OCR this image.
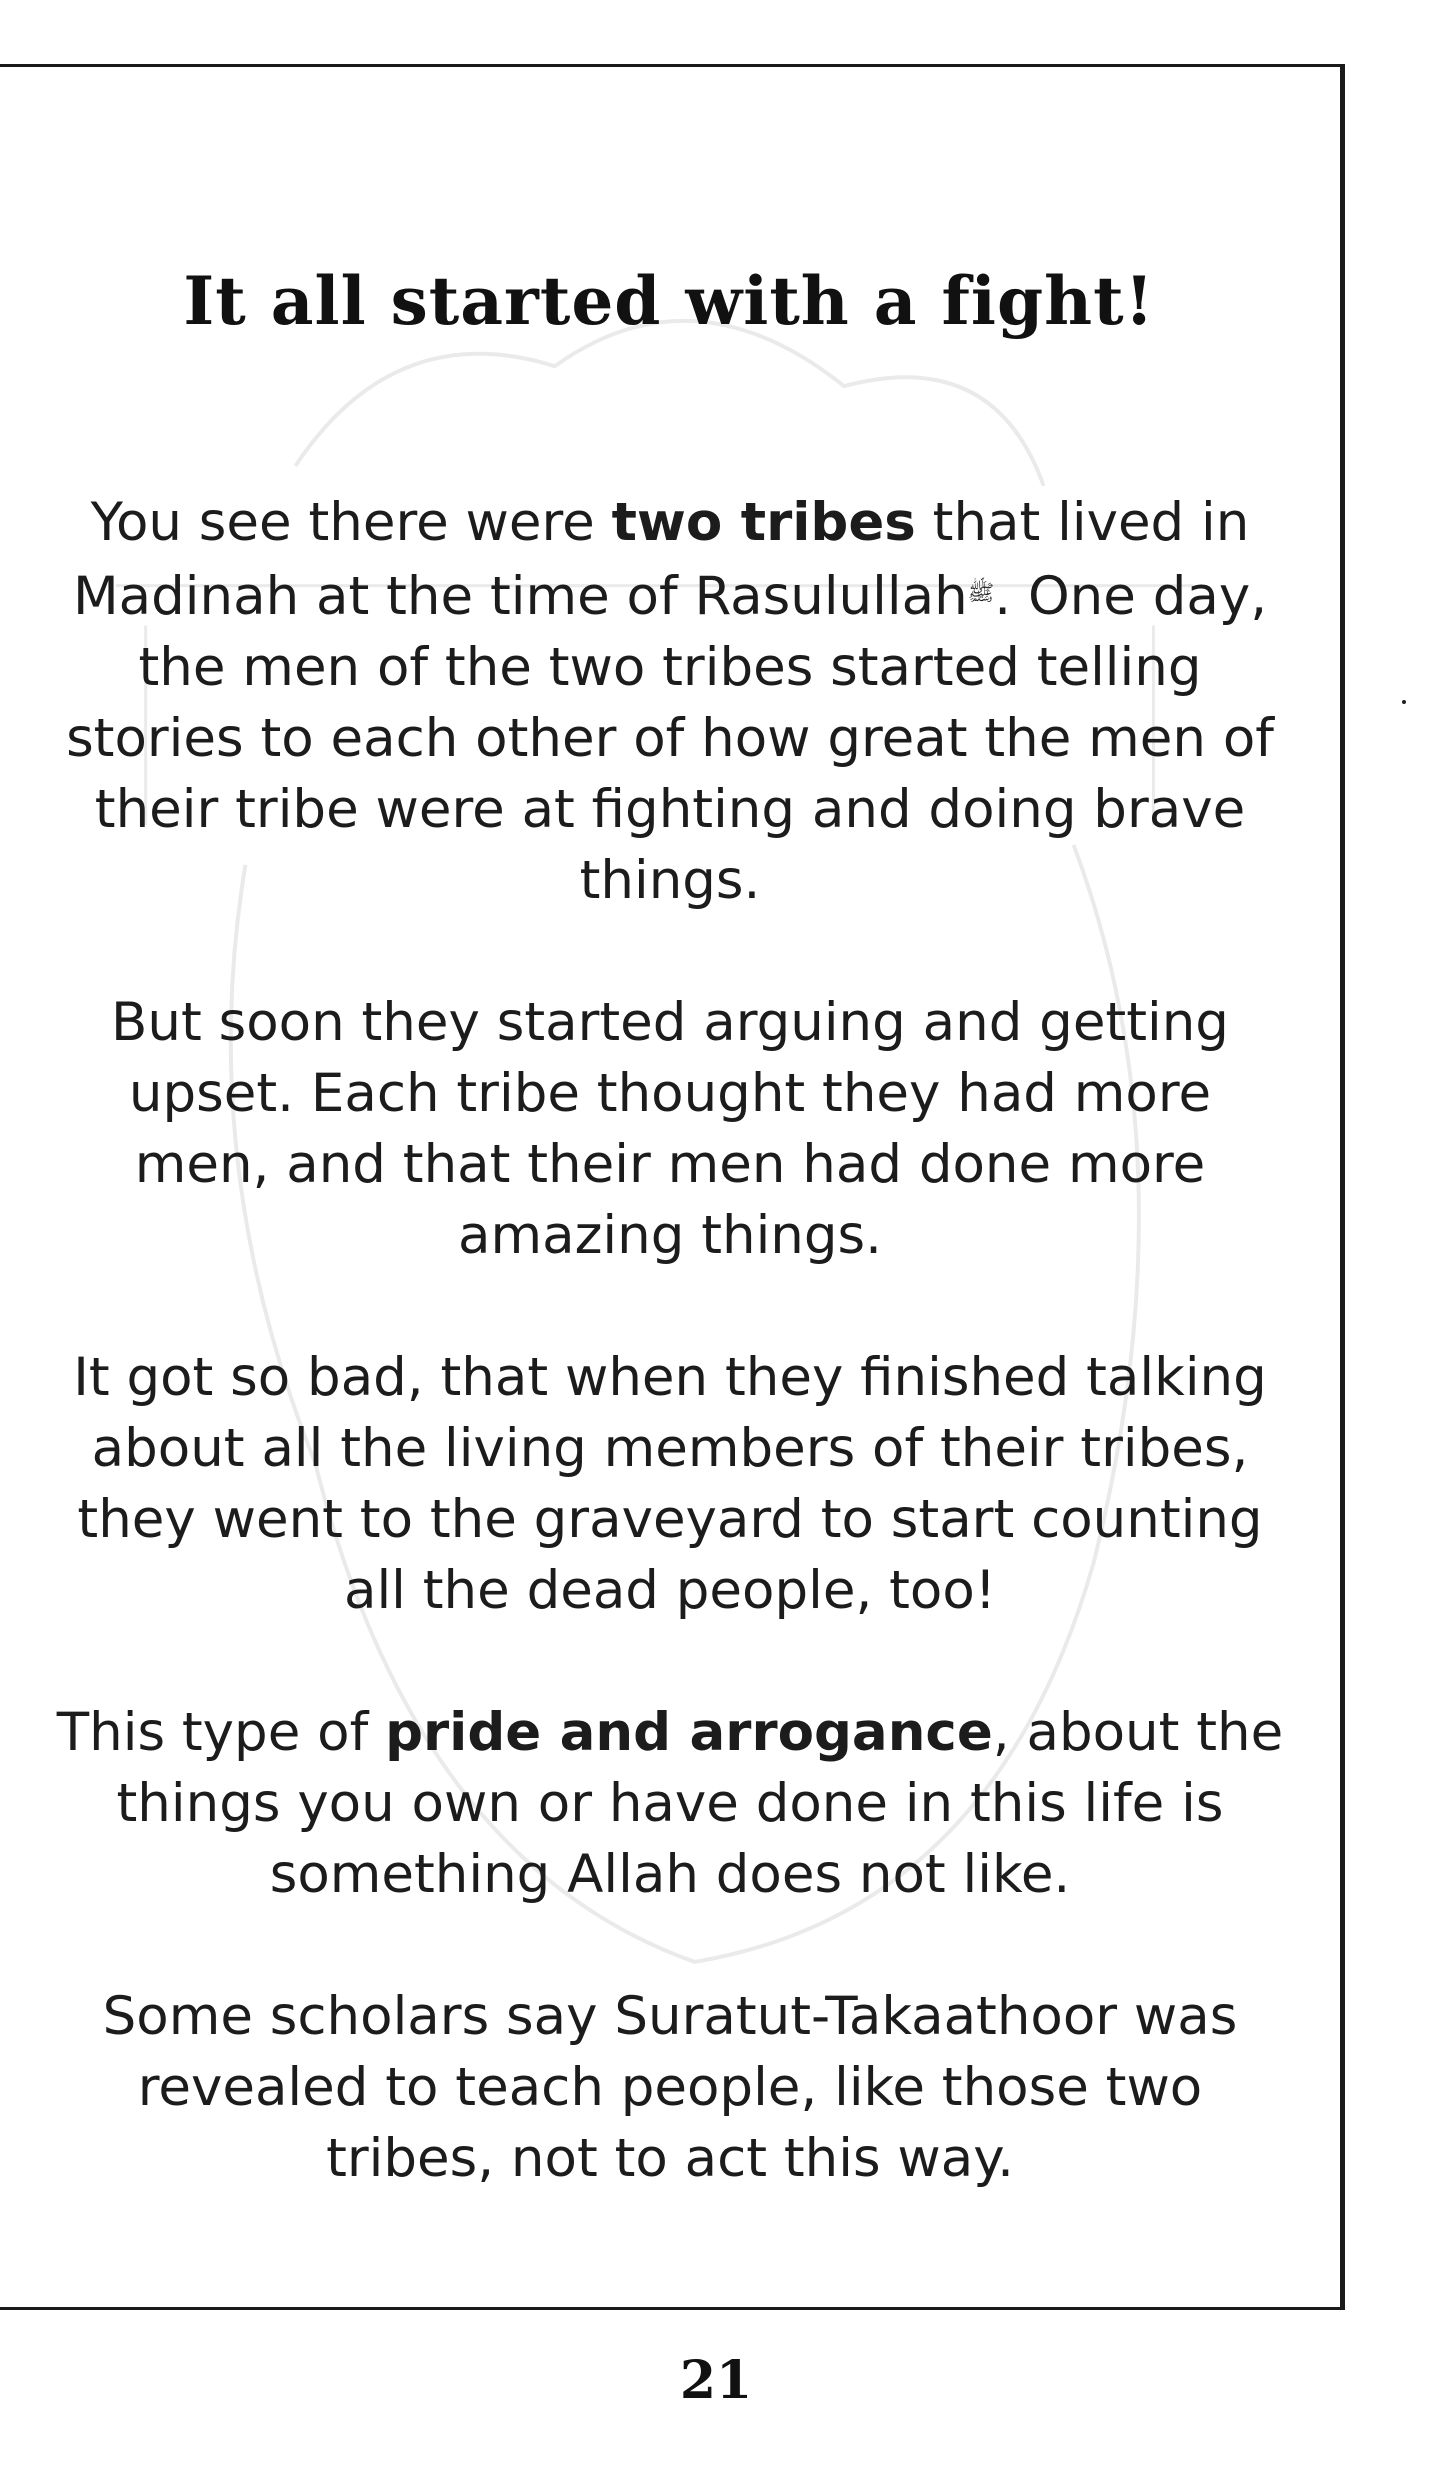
It all started with a fight!

You see there were two tribes that lived in Madinah at the time of Rasulullah$^ﷺ$. One day, the men of the two tribes started telling stories to each other of how great the men of their tribe were at fighting and doing brave things.

But soon they started arguing and getting upset. Each tribe thought they had more men, and that their men had done more amazing things.

It got so bad, that when they finished talking about all the living members of their tribes, they went to the graveyard to start counting all the dead people, too!

This type of pride and arrogance, about the things you own or have done in this life is something Allah does not like.

Some scholars say Suratut-Takaathoor was revealed to teach people, like those two tribes, not to act this way.

21
